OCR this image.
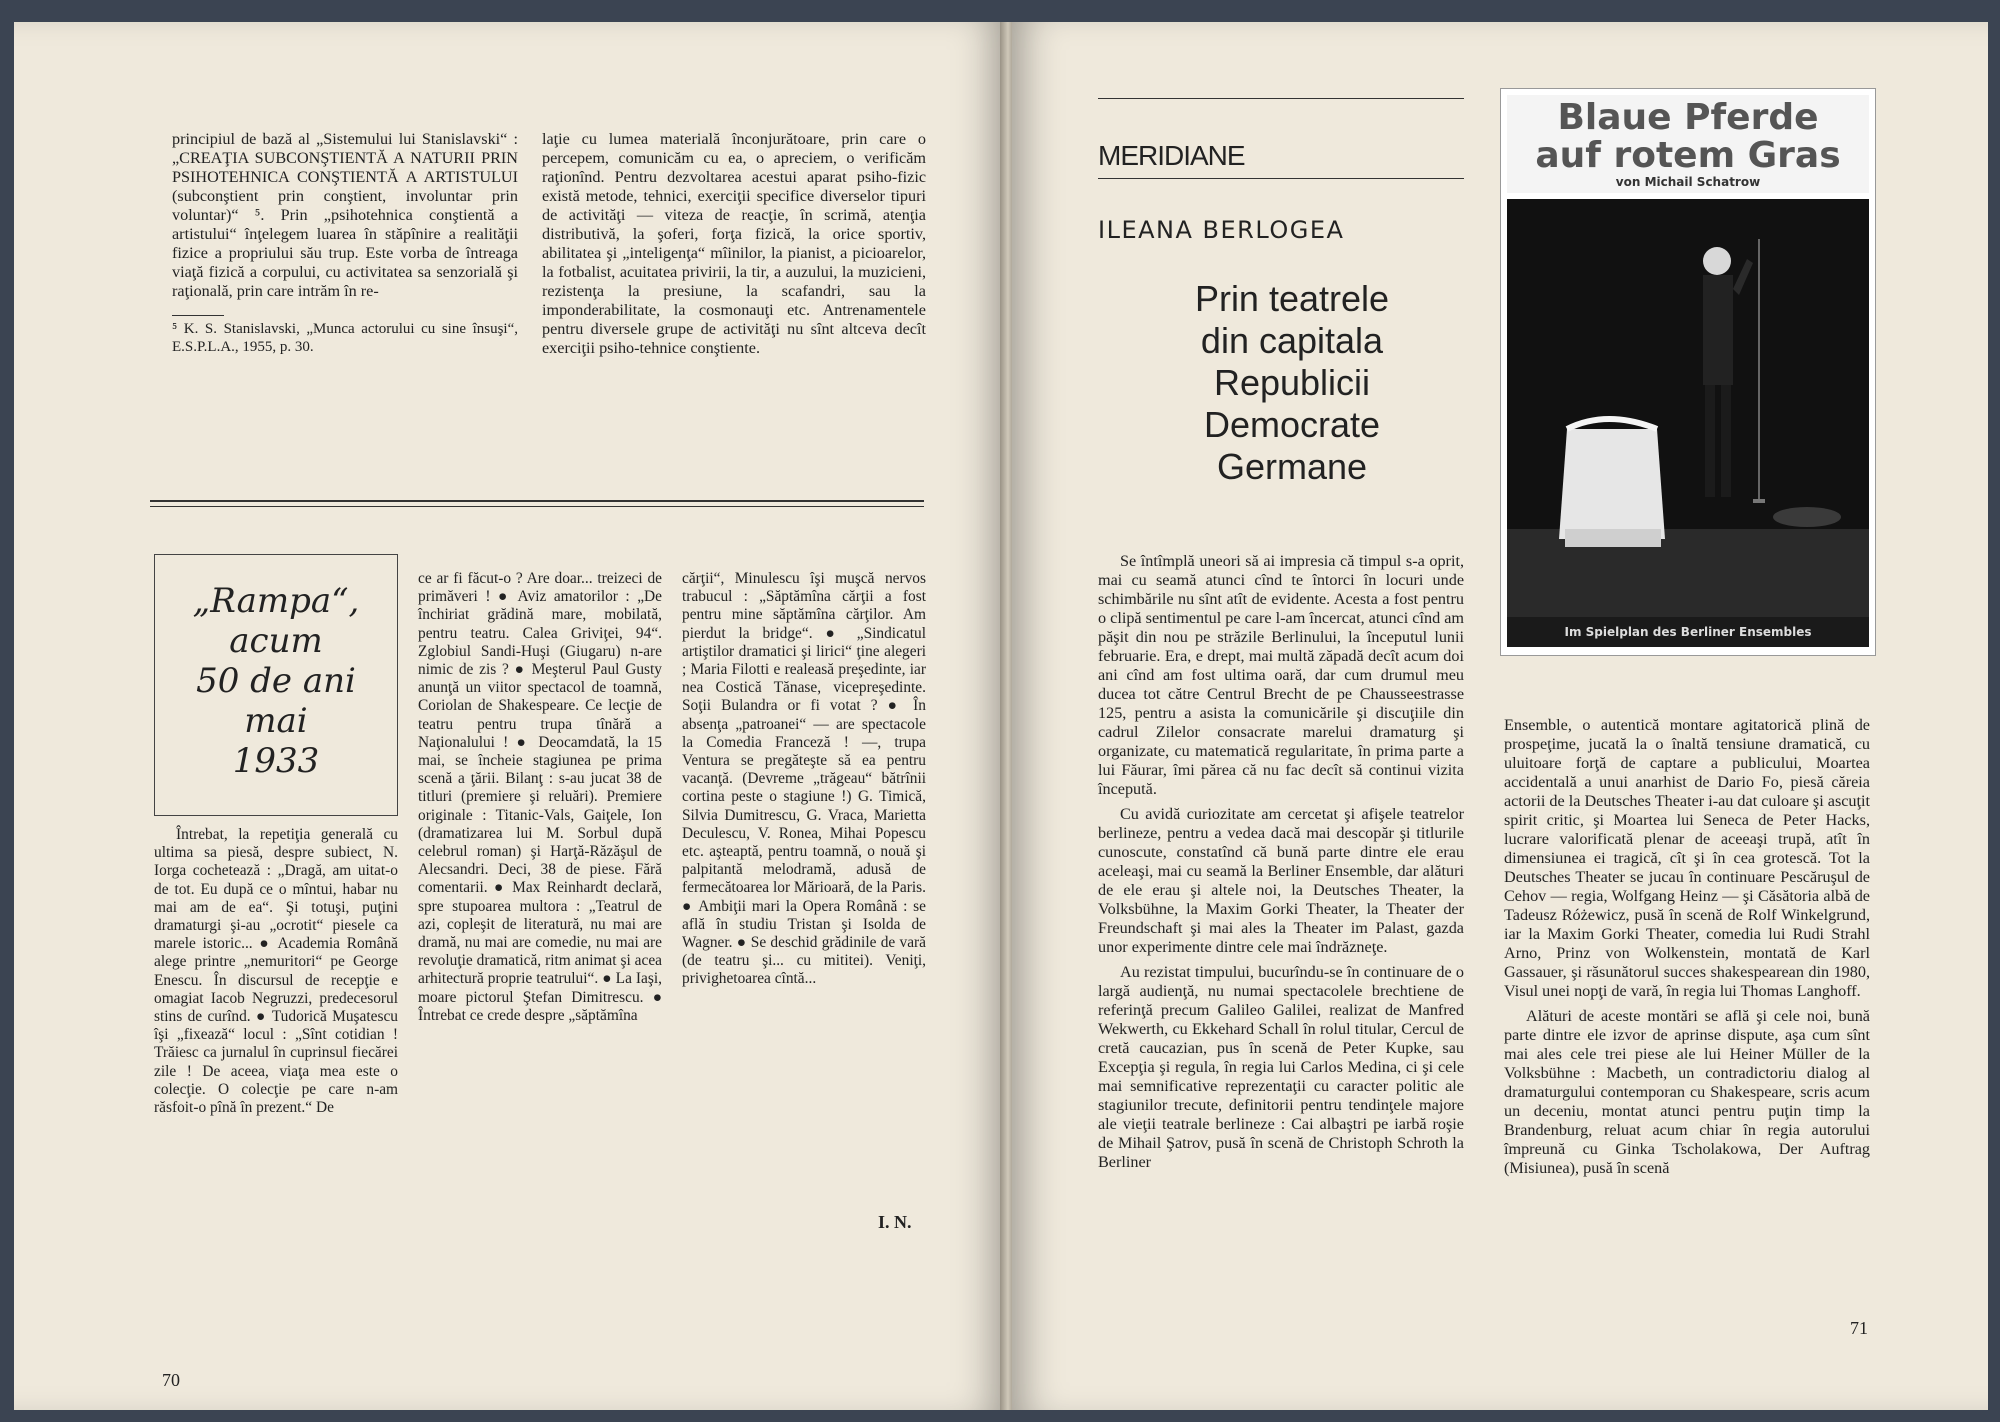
principiul de bază al „Sistemului lui Stanislavski“ : „CREAŢIA SUBCONŞTIENTĂ A NATURII PRIN PSIHOTEHNICA CONŞTIENTĂ A ARTISTULUI (subconştient prin conştient, involuntar prin voluntar)“ ⁵. Prin „psihotehnica conştientă a artistului“ înţelegem luarea în stăpînire a realităţii fizice a propriului său trup. Este vorba de întreaga viaţă fizică a corpului, cu activitatea sa senzorială şi raţională, prin care intrăm în re-

⁵ K. S. Stanislavski, „Munca actorului cu sine însuşi“, E.S.P.L.A., 1955, p. 30.

laţie cu lumea materială înconjurătoare, prin care o percepem, comunicăm cu ea, o apreciem, o verificăm raţionînd. Pentru dezvoltarea acestui aparat psiho-fizic există metode, tehnici, exerciţii specifice diverselor tipuri de activităţi — viteza de reacţie, în scrimă, atenţia distributivă, la şoferi, forţa fizică, la orice sportiv, abilitatea şi „inteligenţa“ mîinilor, la pianist, a picioarelor, la fotbalist, acuitatea privirii, la tir, a auzului, la muzicieni, rezistenţa la presiune, la scafandri, sau la imponderabilitate, la cosmonauţi etc. Antrenamentele pentru diversele grupe de activităţi nu sînt altceva decît exerciţii psiho-tehnice conştiente.

„Rampa“,
acum
50 de ani
mai
1933

Întrebat, la repetiţia generală cu ultima sa piesă, despre subiect, N. Iorga cochetează : „Dragă, am uitat-o de tot. Eu după ce o mîntui, habar nu mai am de ea“. Şi totuşi, puţini dramaturgi şi-au „ocrotit“ piesele ca marele istoric... ● Academia Română alege printre „nemuritori“ pe George Enescu. În discursul de recepţie e omagiat Iacob Negruzzi, predecesorul stins de curînd. ● Tudorică Muşatescu îşi „fixează“ locul : „Sînt cotidian ! Trăiesc ca jurnalul în cuprinsul fiecărei zile ! De aceea, viaţa mea este o colecţie. O colecţie pe care n-am răsfoit-o pînă în prezent.“ De

ce ar fi făcut-o ? Are doar... treizeci de primăveri ! ● Aviz amatorilor : „De închiriat grădină mare, mobilată, pentru teatru. Calea Griviţei, 94“. Zglobiul Sandi-Huşi (Giugaru) n-are nimic de zis ? ● Meşterul Paul Gusty anunţă un viitor spectacol de toamnă, Coriolan de Shakespeare. Ce lecţie de teatru pentru trupa tînără a Naţionalului ! ● Deocamdată, la 15 mai, se încheie stagiunea pe prima scenă a ţării. Bilanţ : s-au jucat 38 de titluri (premiere şi reluări). Premiere originale : Titanic-Vals, Gaiţele, Ion (dramatizarea lui M. Sorbul după celebrul roman) şi Harţă-Răzăşul de Alecsandri. Deci, 38 de piese. Fără comentarii. ● Max Reinhardt declară, spre stupoarea multora : „Teatrul de azi, copleşit de literatură, nu mai are dramă, nu mai are comedie, nu mai are revoluţie dramatică, ritm animat şi acea arhitectură proprie teatrului“. ● La Iaşi, moare pictorul Ştefan Dimitrescu. ● Întrebat ce crede despre „săptămîna

cărţii“, Minulescu îşi muşcă nervos trabucul : „Săptămîna cărţii a fost pentru mine săptămîna cărţilor. Am pierdut la bridge“. ● „Sindicatul artiştilor dramatici şi lirici“ ţine alegeri ; Maria Filotti e realeasă preşedinte, iar nea Costică Tănase, vicepreşedinte. Soţii Bulandra or fi votat ? ● În absenţa „patroanei“ — are spectacole la Comedia Franceză ! —, trupa Ventura se pregăteşte să ea pentru vacanţă. (Devreme „trăgeau“ bătrînii cortina peste o stagiune !) G. Timică, Silvia Dumitrescu, G. Vraca, Marietta Deculescu, V. Ronea, Mihai Popescu etc. aşteaptă, pentru toamnă, o nouă şi palpitantă melodramă, adusă de fermecătoarea lor Mărioară, de la Paris. ● Ambiţii mari la Opera Română : se află în studiu Tristan şi Isolda de Wagner. ● Se deschid grădinile de vară (de teatru şi... cu mititei). Veniţi, privighetoarea cîntă...

I. N.
70
MERIDIANE
ILEANA BERLOGEA
Prin teatrele
din capitala
Republicii
Democrate
Germane
Blaue Pferde
auf rotem Gras
von Michail Schatrow
Im Spielplan des Berliner Ensembles

Se întîmplă uneori să ai impresia că timpul s-a oprit, mai cu seamă atunci cînd te întorci în locuri unde schimbările nu sînt atît de evidente. Acesta a fost pentru o clipă sentimentul pe care l-am încercat, atunci cînd am păşit din nou pe străzile Berlinului, la începutul lunii februarie. Era, e drept, mai multă zăpadă decît acum doi ani cînd am fost ultima oară, dar cum drumul meu ducea tot către Centrul Brecht de pe Chausseestrasse 125, pentru a asista la comunicările şi discuţiile din cadrul Zilelor consacrate marelui dramaturg şi organizate, cu matematică regularitate, în prima parte a lui Făurar, îmi părea că nu fac decît să continui vizita începută.

Cu avidă curiozitate am cercetat şi afişele teatrelor berlineze, pentru a vedea dacă mai descopăr şi titlurile cunoscute, constatînd că bună parte dintre ele erau aceleaşi, mai cu seamă la Berliner Ensemble, dar alături de ele erau şi altele noi, la Deutsches Theater, la Volksbühne, la Maxim Gorki Theater, la Theater der Freundschaft şi mai ales la Theater im Palast, gazda unor experimente dintre cele mai îndrăzneţe.

Au rezistat timpului, bucurîndu-se în continuare de o largă audienţă, nu numai spectacolele brechtiene de referinţă precum Galileo Galilei, realizat de Manfred Wekwerth, cu Ekkehard Schall în rolul titular, Cercul de cretă caucazian, pus în scenă de Peter Kupke, sau Excepţia şi regula, în regia lui Carlos Medina, ci şi cele mai semnificative reprezentaţii cu caracter politic ale stagiunilor trecute, definitorii pentru tendinţele majore ale vieţii teatrale berlineze : Cai albaştri pe iarbă roşie de Mihail Şatrov, pusă în scenă de Christoph Schroth la Berliner

Ensemble, o autentică montare agitatorică plină de prospeţime, jucată la o înaltă tensiune dramatică, cu uluitoare forţă de captare a publicului, Moartea accidentală a unui anarhist de Dario Fo, piesă căreia actorii de la Deutsches Theater i-au dat culoare şi ascuţit spirit critic, şi Moartea lui Seneca de Peter Hacks, lucrare valorificată plenar de aceeaşi trupă, atît în dimensiunea ei tragică, cît şi în cea grotescă. Tot la Deutsches Theater se jucau în continuare Pescăruşul de Cehov — regia, Wolfgang Heinz — şi Căsătoria albă de Tadeusz Różewicz, pusă în scenă de Rolf Winkelgrund, iar la Maxim Gorki Theater, comedia lui Rudi Strahl Arno, Prinz von Wolkenstein, montată de Karl Gassauer, şi răsunătorul succes shakespearean din 1980, Visul unei nopţi de vară, în regia lui Thomas Langhoff.

Alături de aceste montări se află şi cele noi, bună parte dintre ele izvor de aprinse dispute, aşa cum sînt mai ales cele trei piese ale lui Heiner Müller de la Volksbühne : Macbeth, un contradictoriu dialog al dramaturgului contemporan cu Shakespeare, scris acum un deceniu, montat atunci pentru puţin timp la Brandenburg, reluat acum chiar în regia autorului împreună cu Ginka Tscholakowa, Der Auftrag (Misiunea), pusă în scenă

71
